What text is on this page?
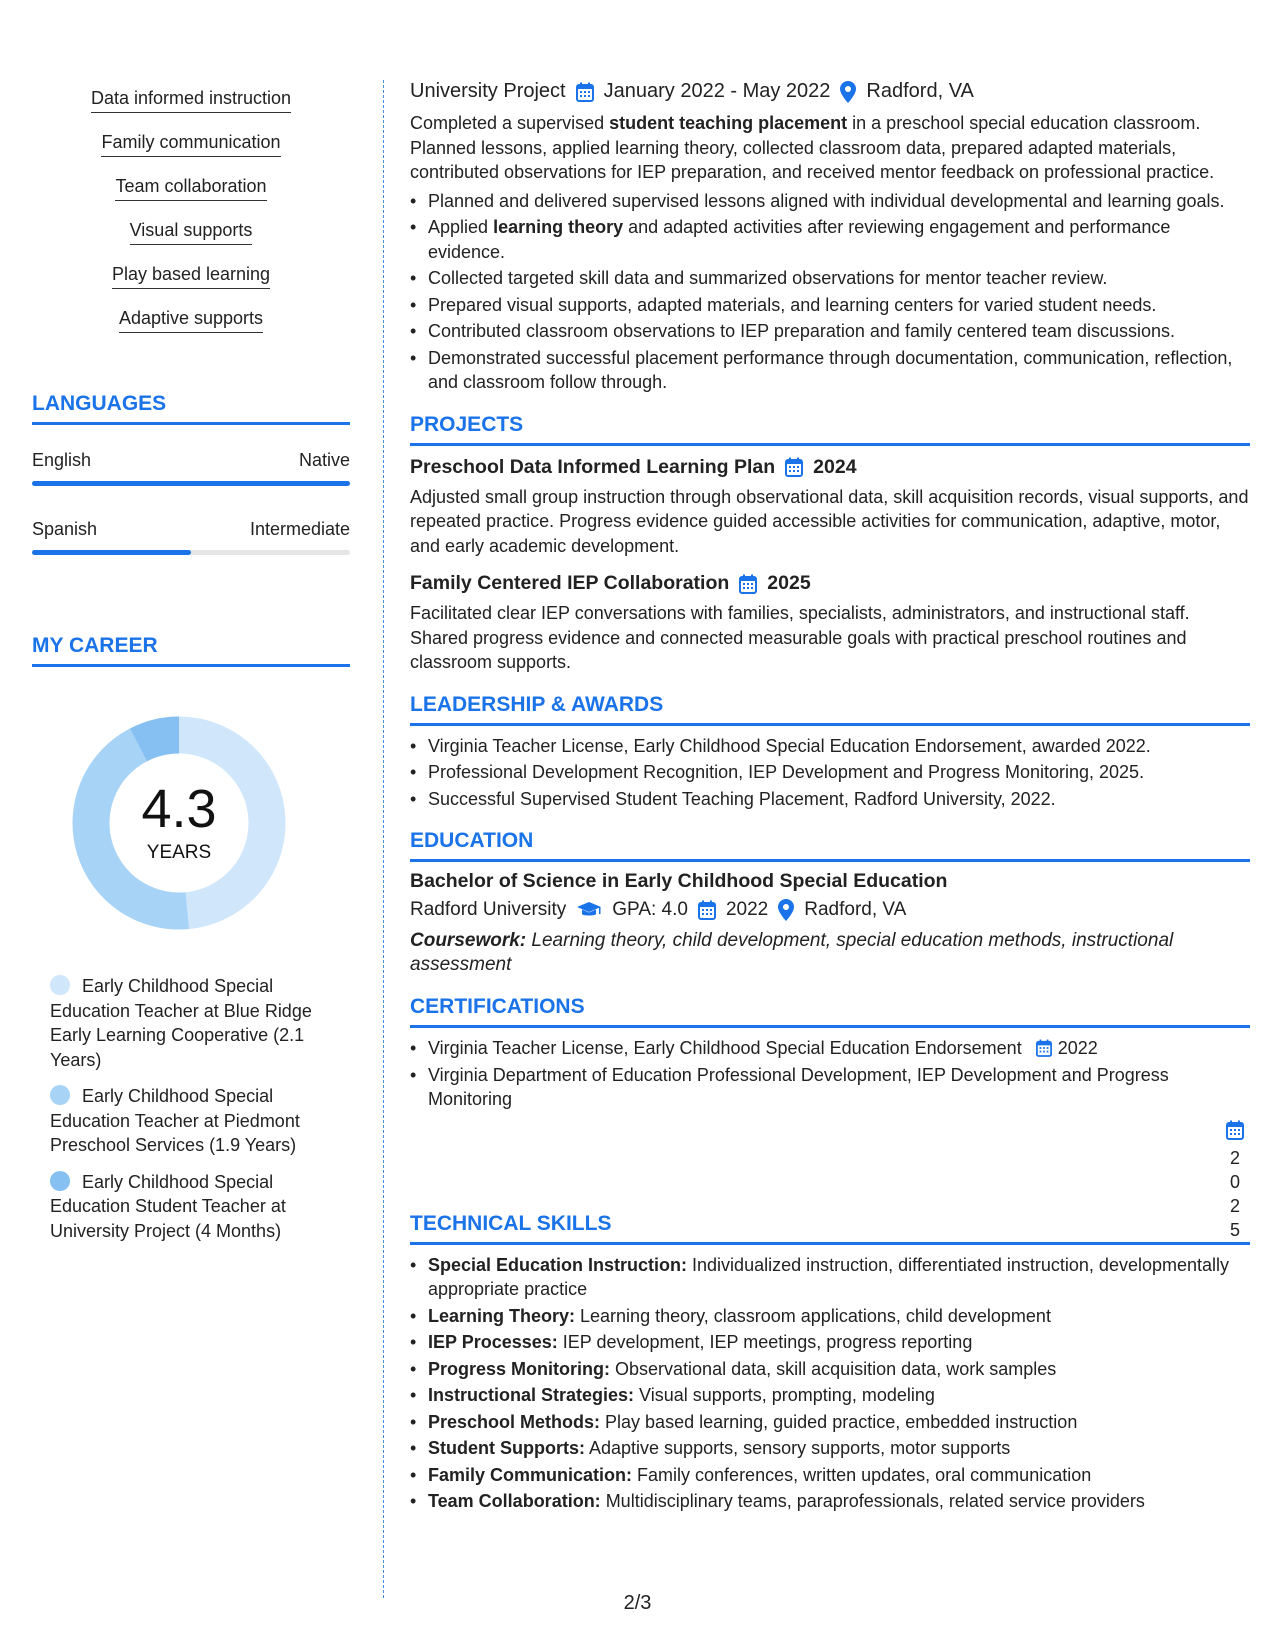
Data informed instruction
Family communication
Team collaboration
Visual supports
Play based learning
Adaptive supports
LANGUAGES
English	Native
Spanish	Intermediate
MY CAREER
4.3
YEARS
Early Childhood Special Education Teacher at Blue Ridge Early Learning Cooperative (2.1 Years)
Early Childhood Special Education Teacher at Piedmont Preschool Services (1.9 Years)
Early Childhood Special Education Student Teacher at University Project (4 Months)
University Project January 2022 - May 2022 Radford, VA

Completed a supervised student teaching placement in a preschool special education classroom. Planned lessons, applied learning theory, collected classroom data, prepared adapted materials, contributed observations for IEP preparation, and received mentor feedback on professional practice.

• Planned and delivered supervised lessons aligned with individual developmental and learning goals.
• Applied learning theory and adapted activities after reviewing engagement and performance evidence.
• Collected targeted skill data and summarized observations for mentor teacher review.
• Prepared visual supports, adapted materials, and learning centers for varied student needs.
• Contributed classroom observations to IEP preparation and family centered team discussions.
• Demonstrated successful placement performance through documentation, communication, reflection, and classroom follow through.
PROJECTS
Preschool Data Informed Learning Plan 2024

Adjusted small group instruction through observational data, skill acquisition records, visual supports, and repeated practice. Progress evidence guided accessible activities for communication, adaptive, motor, and early academic development.

Family Centered IEP Collaboration 2025

Facilitated clear IEP conversations with families, specialists, administrators, and instructional staff. Shared progress evidence and connected measurable goals with practical preschool routines and classroom supports.

LEADERSHIP & AWARDS
• Virginia Teacher License, Early Childhood Special Education Endorsement, awarded 2022.
• Professional Development Recognition, IEP Development and Progress Monitoring, 2025.
• Successful Supervised Student Teaching Placement, Radford University, 2022.
EDUCATION
Bachelor of Science in Early Childhood Special Education
Radford University GPA: 4.0 2022 Radford, VA
Coursework: Learning theory, child development, special education methods, instructional assessment
CERTIFICATIONS
• Virginia Teacher License, Early Childhood Special Education Endorsement 2022
• Virginia Department of Education Professional Development, IEP Development and Progress Monitoring
TECHNICAL SKILLS
• Special Education Instruction: Individualized instruction, differentiated instruction, developmentally appropriate practice
• Learning Theory: Learning theory, classroom applications, child development
• IEP Processes: IEP development, IEP meetings, progress reporting
• Progress Monitoring: Observational data, skill acquisition data, work samples
• Instructional Strategies: Visual supports, prompting, modeling
• Preschool Methods: Play based learning, guided practice, embedded instruction
• Student Supports: Adaptive supports, sensory supports, motor supports
• Family Communication: Family conferences, written updates, oral communication
• Team Collaboration: Multidisciplinary teams, paraprofessionals, related service providers
2
0
2
5
2/3
